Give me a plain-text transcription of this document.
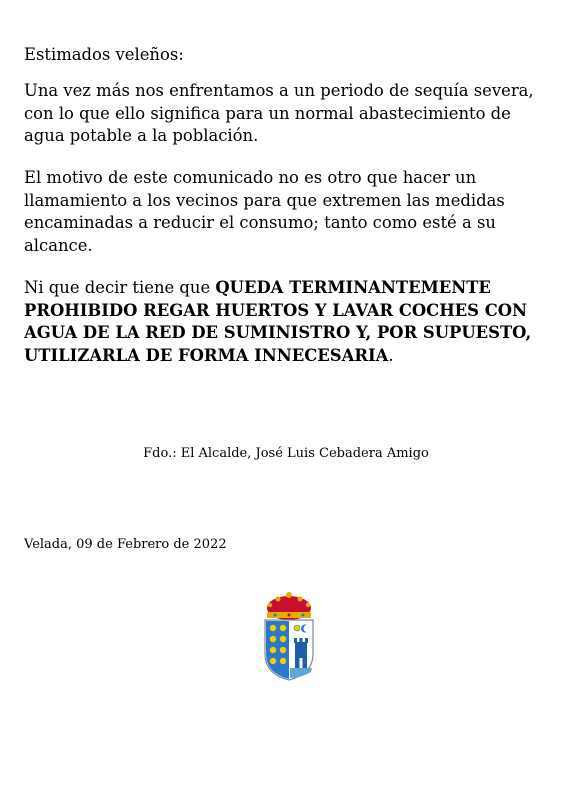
Estimados veleños:

Una vez más nos enfrentamos a un periodo de sequía severa, con lo que ello significa para un normal abastecimiento de agua potable a la población.

El motivo de este comunicado no es otro que hacer un llamamiento a los vecinos para que extremen las medidas encaminadas a reducir el consumo; tanto como esté a su alcance.

Ni que decir tiene que QUEDA TERMINANTEMENTE PROHIBIDO REGAR HUERTOS Y LAVAR COCHES CON AGUA DE LA RED DE SUMINISTRO Y, POR SUPUESTO, UTILIZARLA DE FORMA INNECESARIA.

Fdo.: El Alcalde, José Luis Cebadera Amigo

Velada, 09 de Febrero de 2022
